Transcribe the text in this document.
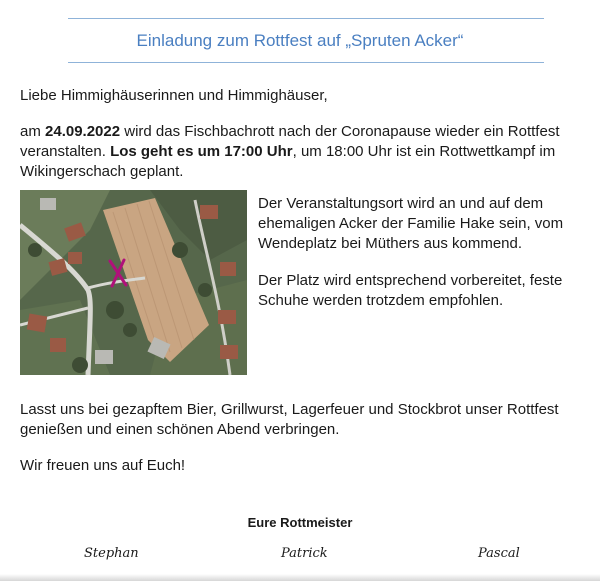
Einladung zum Rottfest auf „Spruten Acker“

Liebe Himmighäuserinnen und Himmighäuser,

am 24.09.2022 wird das Fischbachrott nach der Coronapause wieder ein Rottfest veranstalten. Los geht es um 17:00 Uhr, um 18:00 Uhr ist ein Rottwettkampf im Wikingerschach geplant.

Der Veranstaltungsort wird an und auf dem ehemaligen Acker der Familie Hake sein, vom Wendeplatz bei Müthers aus kommend.

Der Platz wird entsprechend vorbereitet, feste Schuhe werden trotzdem empfohlen.

Lasst uns bei gezapftem Bier, Grillwurst, Lagerfeuer und Stockbrot unser Rottfest genießen und einen schönen Abend verbringen.

Wir freuen uns auf Euch!

Eure Rottmeister
Stephan	Patrick	Pascal
